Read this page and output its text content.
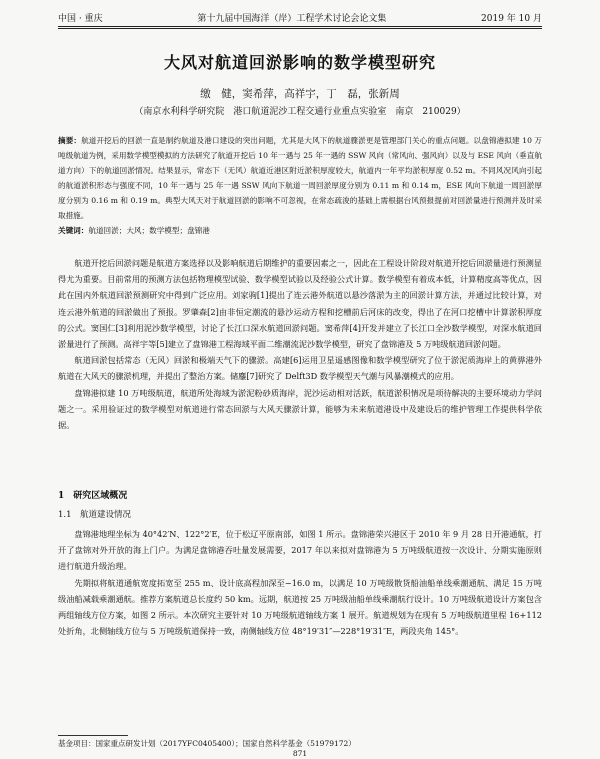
中国 · 重庆	第十九届中国海洋（岸）工程学术讨论会论文集	2019 年 10 月
大风对航道回淤影响的数学模型研究
缴　健，窦希萍，高祥宇，丁　磊，张新周
（南京水利科学研究院　港口航道泥沙工程交通行业重点实验室　南京　210029）
摘要：航道开挖后的回淤一直是制约航道及港口建设的突出问题，尤其是大风下的航道骤淤更是管理部门关心的重点问题。以盘锦港拟建 10 万吨级航道为例，采用数学模型模拟的方法研究了航道开挖后 10 年一遇与 25 年一遇的 SSW 风向（常风向、强风向）以及与 ESE 风向（垂直航道方向）下的航道回淤情况。结果显示，常态下（无风）航道近港区附近淤积厚度较大，航道内一年平均淤积厚度 0.52 m。不同风况风向引起的航道淤积形态与强度不同，10 年一遇与 25 年一遇 SSW 风向下航道一周回淤厚度分别为 0.11 m 和 0.14 m，ESE 风向下航道一周回淤厚度分别为 0.16 m 和 0.19 m。典型大风天对于航道回淤的影响不可忽视，在常态疏浚的基础上需根据台风预报提前对回淤量进行预测并及时采取措施。
关键词：航道回淤；大风；数学模型；盘锦港

航道开挖后回淤问题是航道方案选择以及影响航道后期维护的重要因素之一，因此在工程设计阶段对航道开挖后回淤量进行预测显得尤为重要。目前常用的预测方法包括物理模型试验、数学模型试验以及经验公式计算。数学模型有着成本低，计算精度高等优点，因此在国内外航道回淤预测研究中得到广泛应用。刘家驹[1]提出了连云港外航道以悬沙落淤为主的回淤计算方法，并通过比较计算，对连云港外航道的回淤做出了预报。罗肇森[2]由非恒定潮流的悬沙运动方程和挖槽前后河床的改变，得出了在河口挖槽中计算淤积厚度的公式。窦国仁[3]利用泥沙数学模型，讨论了长江口深水航道回淤问题。窦希萍[4]开发并建立了长江口全沙数学模型，对深水航道回淤量进行了预测。高祥宇等[5]建立了盘锦港工程海域平面二维潮流泥沙数学模型，研究了盘锦港及 5 万吨级航道回淤问题。

航道回淤包括常态（无风）回淤和极端天气下的骤淤。高建[6]运用卫星遥感图像和数学模型研究了位于淤泥质海岸上的黄骅港外航道在大风天的骤淤机理，并提出了整治方案。储鏖[7]研究了 Delft3D 数学模型天气潮与风暴潮模式的应用。

盘锦港拟建 10 万吨级航道，航道所处海域为淤泥粉砂质海岸，泥沙运动相对活跃，航道淤积情况是项待解决的主要环境动力学问题之一。采用验证过的数学模型对航道进行常态回淤与大风天骤淤计算，能够为未来航道港设中及建设后的维护管理工作提供科学依据。

1　研究区域概况
1.1　航道建设情况

盘锦港地理坐标为 40°42′N、122°2′E，位于松辽平原南部，如图 1 所示。盘锦港荣兴港区于 2010 年 9 月 28 日开港通航，打开了盘锦对外开放的海上门户。为满足盘锦港吞吐量发展需要，2017 年以来拟对盘锦港为 5 万吨级航道按一次设计、分期实施原则进行航道升级治理。

先期拟将航道通航宽度拓宽至 255 m、设计底高程加深至−16.0 m，以满足 10 万吨级散货船油船单线乘潮通航、满足 15 万吨级油船减载乘潮通航。推荐方案航道总长度约 50 km。远期，航道按 25 万吨级油船单线乘潮航行设计。10 万吨级航道设计方案包含两组轴线方位方案，如图 2 所示。本次研究主要针对 10 万吨级航道轴线方案 1 展开。航道规划为在现有 5 万吨级航道里程 16+112 处折角，北侧轴线方位与 5 万吨级航道保持一致，南侧轴线方位 48°19′31″—228°19′31″E，两段夹角 145°。

基金项目：国家重点研发计划（2017YFC0405400）；国家自然科学基金（51979172）
871
